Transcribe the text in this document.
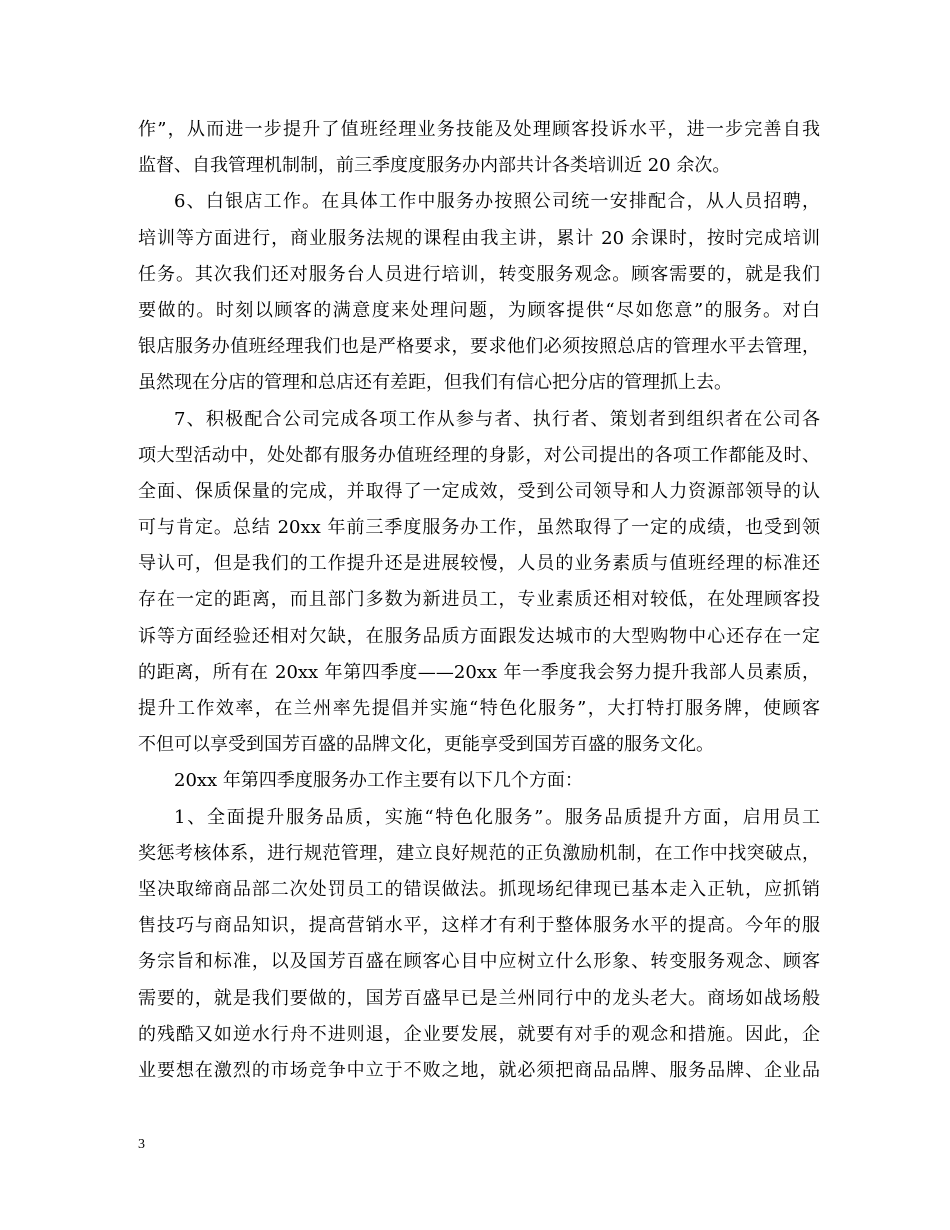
作”，从而进一步提升了值班经理业务技能及处理顾客投诉水平，进一步完善自我
监督、自我管理机制制，前三季度度服务办内部共计各类培训近 20 余次。
6、白银店工作。在具体工作中服务办按照公司统一安排配合，从人员招聘，
培训等方面进行，商业服务法规的课程由我主讲，累计 20 余课时，按时完成培训
任务。其次我们还对服务台人员进行培训，转变服务观念。顾客需要的，就是我们
要做的。时刻以顾客的满意度来处理问题，为顾客提供“尽如您意”的服务。对白
银店服务办值班经理我们也是严格要求，要求他们必须按照总店的管理水平去管理，
虽然现在分店的管理和总店还有差距，但我们有信心把分店的管理抓上去。
7、积极配合公司完成各项工作从参与者、执行者、策划者到组织者在公司各
项大型活动中，处处都有服务办值班经理的身影，对公司提出的各项工作都能及时、
全面、保质保量的完成，并取得了一定成效，受到公司领导和人力资源部领导的认
可与肯定。总结 20xx 年前三季度服务办工作，虽然取得了一定的成绩，也受到领
导认可，但是我们的工作提升还是进展较慢，人员的业务素质与值班经理的标准还
存在一定的距离，而且部门多数为新进员工，专业素质还相对较低，在处理顾客投
诉等方面经验还相对欠缺，在服务品质方面跟发达城市的大型购物中心还存在一定
的距离，所有在 20xx 年第四季度——20xx 年一季度我会努力提升我部人员素质，
提升工作效率，在兰州率先提倡并实施“特色化服务”，大打特打服务牌，使顾客
不但可以享受到国芳百盛的品牌文化，更能享受到国芳百盛的服务文化。
20xx 年第四季度服务办工作主要有以下几个方面：
1、全面提升服务品质，实施“特色化服务”。服务品质提升方面，启用员工
奖惩考核体系，进行规范管理，建立良好规范的正负激励机制，在工作中找突破点，
坚决取缔商品部二次处罚员工的错误做法。抓现场纪律现已基本走入正轨，应抓销
售技巧与商品知识，提高营销水平，这样才有利于整体服务水平的提高。今年的服
务宗旨和标准，以及国芳百盛在顾客心目中应树立什么形象、转变服务观念、顾客
需要的，就是我们要做的，国芳百盛早已是兰州同行中的龙头老大。商场如战场般
的残酷又如逆水行舟不进则退，企业要发展，就要有对手的观念和措施。因此，企
业要想在激烈的市场竞争中立于不败之地，就必须把商品品牌、服务品牌、企业品
3
